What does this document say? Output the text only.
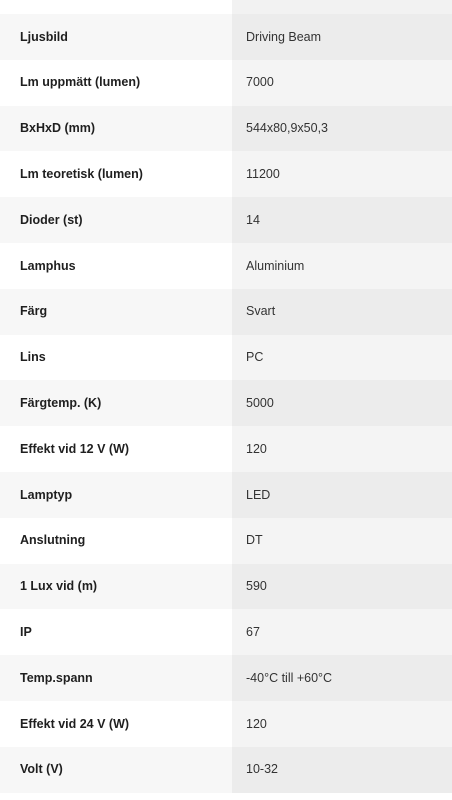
Ljusbild	Driving Beam
Lm uppmätt (lumen)	7000
BxHxD (mm)	544x80,9x50,3
Lm teoretisk (lumen)	11200
Dioder (st)	14
Lamphus	Aluminium
Färg	Svart
Lins	PC
Färgtemp. (K)	5000
Effekt vid 12 V (W)	120
Lamptyp	LED
Anslutning	DT
1 Lux vid (m)	590
IP	67
Temp.spann	-40°C till +60°C
Effekt vid 24 V (W)	120
Volt (V)	10-32
